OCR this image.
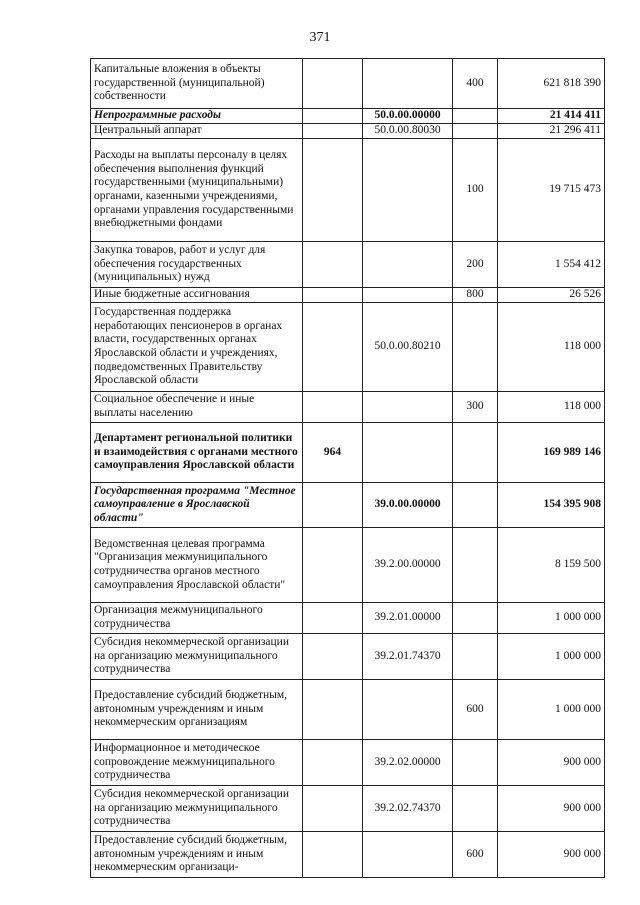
371
Капитальные вложения в объекты государственной (муниципальной) собственности			400	621 818 390
Непрограммные расходы		50.0.00.00000		21 414 411
Центральный аппарат		50.0.00.80030		21 296 411
Расходы на выплаты персоналу в целях обеспечения выполнения функций государственными (муниципальными) органами, казенными учреждениями, органами управления государственными внебюджетными фондами			100	19 715 473
Закупка товаров, работ и услуг для обеспечения государственных (муниципальных) нужд			200	1 554 412
Иные бюджетные ассигнования			800	26 526
Государственная поддержка неработающих пенсионеров в органах власти, государственных органах Ярославской области и учреждениях, подведомственных Правительству Ярославской области		50.0.00.80210		118 000
Социальное обеспечение и иные выплаты населению			300	118 000
Департамент региональной политики и взаимодействия с органами местного самоуправления Ярославской области	964			169 989 146
Государственная программа "Местное самоуправление в Ярославской области"		39.0.00.00000		154 395 908
Ведомственная целевая программа "Организация межмуниципального сотрудничества органов местного самоуправления Ярославской области"		39.2.00.00000		8 159 500
Организация межмуниципального сотрудничества		39.2.01.00000		1 000 000
Субсидия некоммерческой организации на организацию межмуниципального сотрудничества		39.2.01.74370		1 000 000
Предоставление субсидий бюджетным, автономным учреждениям и иным некоммерческим организациям			600	1 000 000
Информационное и методическое сопровождение межмуниципального сотрудничества		39.2.02.00000		900 000
Субсидия некоммерческой организации на организацию межмуниципального сотрудничества		39.2.02.74370		900 000
Предоставление субсидий бюджетным, автономным учреждениям и иным некоммерческим организаци-			600	900 000
